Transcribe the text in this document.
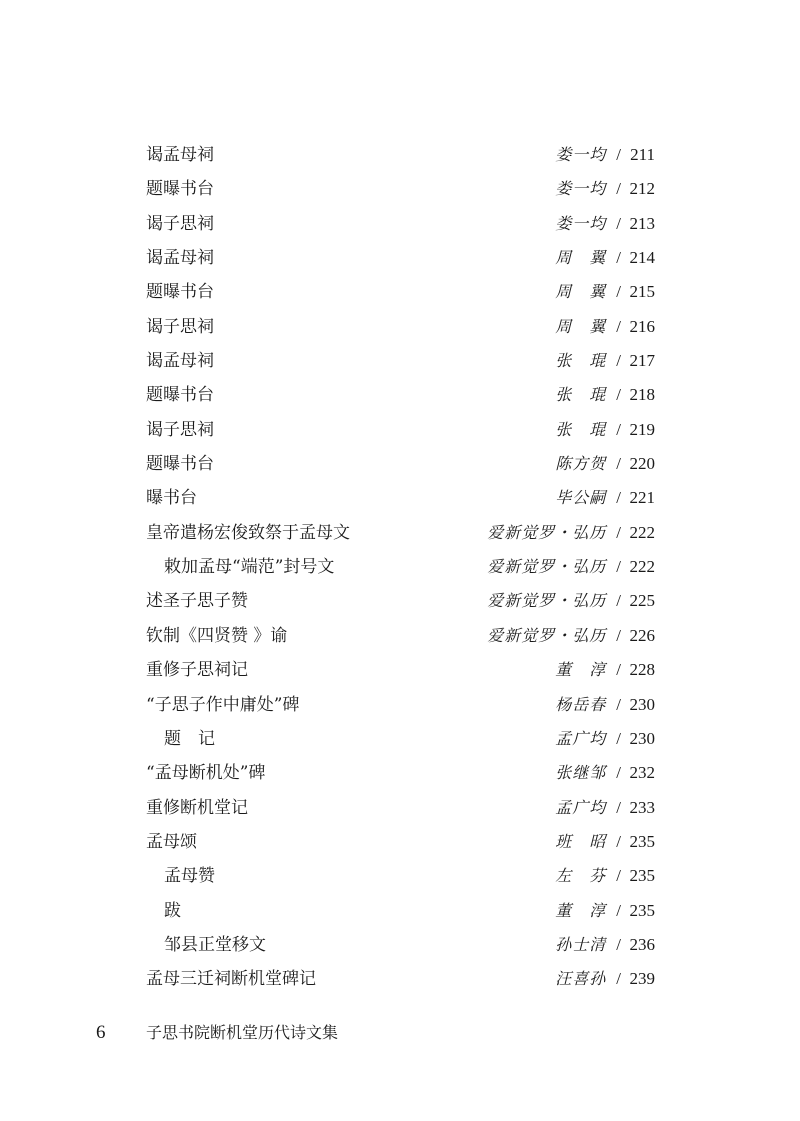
谒孟母祠	娄一均 / 211
题曝书台	娄一均 / 212
谒子思祠	娄一均 / 213
谒孟母祠	周　翼 / 214
题曝书台	周　翼 / 215
谒子思祠	周　翼 / 216
谒孟母祠	张　琨 / 217
题曝书台	张　琨 / 218
谒子思祠	张　琨 / 219
题曝书台	陈方贺 / 220
曝书台	毕公嗣 / 221
皇帝遣杨宏俊致祭于孟母文	爱新觉罗・弘历 / 222
敕加孟母“端范”封号文	爱新觉罗・弘历 / 222
述圣子思子赞	爱新觉罗・弘历 / 225
钦制《四贤赞 》谕	爱新觉罗・弘历 / 226
重修子思祠记	董　淳 / 228
“子思子作中庸处”碑	杨岳春 / 230
题　记	孟广均 / 230
“孟母断机处”碑	张继邹 / 232
重修断机堂记	孟广均 / 233
孟母颂	班　昭 / 235
孟母赞	左　芬 / 235
跋	董　淳 / 235
邹县正堂移文	孙士清 / 236
孟母三迁祠断机堂碑记	汪喜孙 / 239
6	子思书院断机堂历代诗文集
